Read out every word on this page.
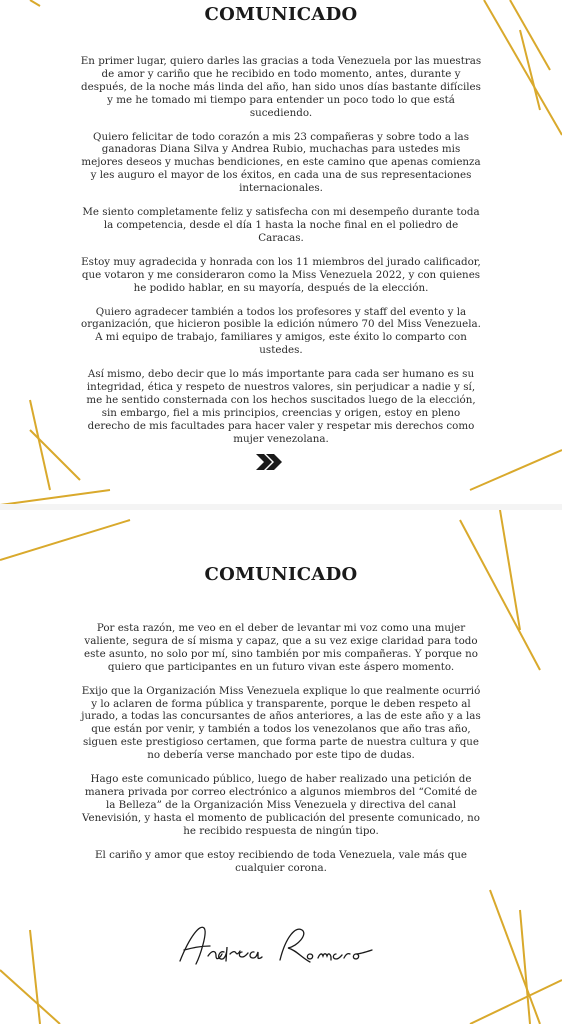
COMUNICADO

En primer lugar, quiero darles las gracias a toda Venezuela por las muestras de amor y cariño que he recibido en todo momento, antes, durante y después, de la noche más linda del año, han sido unos días bastante difíciles y me he tomado mi tiempo para entender un poco todo lo que está sucediendo.

Quiero felicitar de todo corazón a mis 23 compañeras y sobre todo a las ganadoras Diana Silva y Andrea Rubio, muchachas para ustedes mis mejores deseos y muchas bendiciones, en este camino que apenas comienza y les auguro el mayor de los éxitos, en cada una de sus representaciones internacionales.

Me siento completamente feliz y satisfecha con mi desempeño durante toda la competencia, desde el día 1 hasta la noche final en el poliedro de Caracas.

Estoy muy agradecida y honrada con los 11 miembros del jurado calificador, que votaron y me consideraron como la Miss Venezuela 2022, y con quienes he podido hablar, en su mayoría, después de la elección.

Quiero agradecer también a todos los profesores y staff del evento y la organización, que hicieron posible la edición número 70 del Miss Venezuela. A mi equipo de trabajo, familiares y amigos, este éxito lo comparto con ustedes.

Así mismo, debo decir que lo más importante para cada ser humano es su integridad, ética y respeto de nuestros valores, sin perjudicar a nadie y sí, me he sentido consternada con los hechos suscitados luego de la elección, sin embargo, fiel a mis principios, creencias y origen, estoy en pleno derecho de mis facultades para hacer valer y respetar mis derechos como mujer venezolana.

COMUNICADO

Por esta razón, me veo en el deber de levantar mi voz como una mujer valiente, segura de sí misma y capaz, que a su vez exige claridad para todo este asunto, no solo por mí, sino también por mis compañeras. Y porque no quiero que participantes en un futuro vivan este áspero momento.

Exijo que la Organización Miss Venezuela explique lo que realmente ocurrió y lo aclaren de forma pública y transparente, porque le deben respeto al jurado, a todas las concursantes de años anteriores, a las de este año y a las que están por venir, y también a todos los venezolanos que año tras año, siguen este prestigioso certamen, que forma parte de nuestra cultura y que no debería verse manchado por este tipo de dudas.

Hago este comunicado público, luego de haber realizado una petición de manera privada por correo electrónico a algunos miembros del “Comité de la Belleza” de la Organización Miss Venezuela y directiva del canal Venevisión, y hasta el momento de publicación del presente comunicado, no he recibido respuesta de ningún tipo.

El cariño y amor que estoy recibiendo de toda Venezuela, vale más que cualquier corona.
